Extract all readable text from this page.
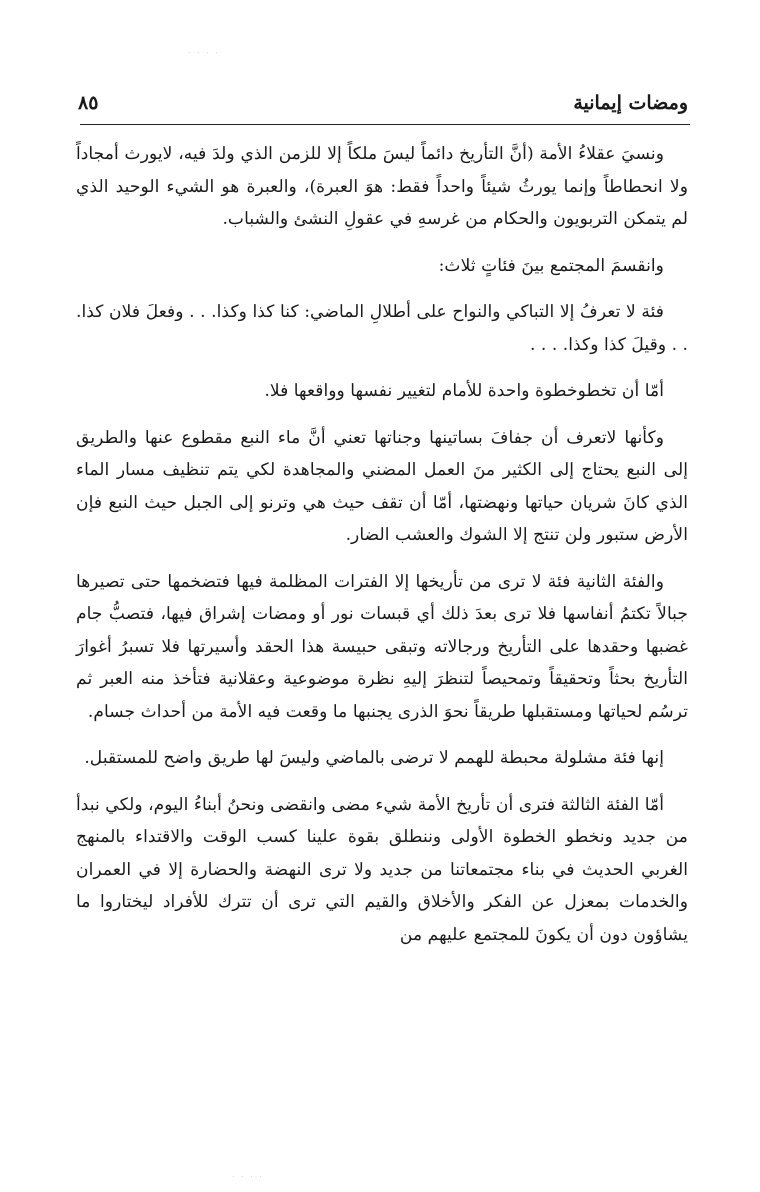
. . . .
ومضات إيمانية
٨٥

ونسيَ عقلاءُ الأمة (أنَّ التأريخ دائماً ليسَ ملكاً إلا للزمن الذي ولدَ فيه، لايورث أمجاداً ولا انحطاطاً وإنما يورثُ شيئاً واحداً فقط: هوَ العبرة)، والعبرة هو الشيء الوحيد الذي لم يتمكن التربويون والحكام من غرسهِ في عقولِ النشئ والشباب.

وانقسمَ المجتمع بينَ فئاتٍ ثلاث:

فئة لا تعرفُ إلا التباكي والنواح على أطلالِ الماضي: كنا كذا وكذا. . . وفعلَ فلان كذا. . . وقيلَ كذا وكذا. . . .

أمّا أن تخطوخطوة واحدة للأمام لتغيير نفسها وواقعها فلا.

وكأنها لاتعرف أن جفافَ بساتينها وجناتها تعني أنَّ ماء النبع مقطوع عنها والطريق إلى النبع يحتاج إلى الكثير منَ العمل المضني والمجاهدة لكي يتم تنظيف مسار الماء الذي كانَ شريان حياتها ونهضتها، أمّا أن تقف حيث هي وترنو إلى الجبل حيث النبع فإن الأرض ستبور ولن تنتج إلا الشوك والعشب الضار.

والفئة الثانية فئة لا ترى من تأريخها إلا الفترات المظلمة فيها فتضخمها حتى تصيرها جبالاً تكتمُ أنفاسها فلا ترى بعدَ ذلك أي قبسات نور أو ومضات إشراق فيها، فتصبُّ جام غضبها وحقدها على التأريخ ورجالاته وتبقى حبيسة هذا الحقد وأسيرتها فلا تسبرُ أغوارَ التأريخ بحثاً وتحقيقاً وتمحيصاً لتنظرَ إليهِ نظرة موضوعية وعقلانية فتأخذ منه العبر ثم ترسُم لحياتها ومستقبلها طريقاً نحوَ الذرى يجنبها ما وقعت فيه الأمة من أحداث جسام.

إنها فئة مشلولة محبطة للهمم لا ترضى بالماضي وليسَ لها طريق واضح للمستقبل.

أمّا الفئة الثالثة فترى أن تأريخ الأمة شيء مضى وانقضى ونحنُ أبناءُ اليوم، ولكي نبدأ من جديد ونخطو الخطوة الأولى وننطلق بقوة علينا كسب الوقت والاقتداء بالمنهج الغربي الحديث في بناء مجتمعاتنا من جديد ولا ترى النهضة والحضارة إلا في العمران والخدمات بمعزل عن الفكر والأخلاق والقيم التي ترى أن تترك للأفراد ليختاروا ما يشاؤون دون أن يكونَ للمجتمع عليهم من

. . . .
